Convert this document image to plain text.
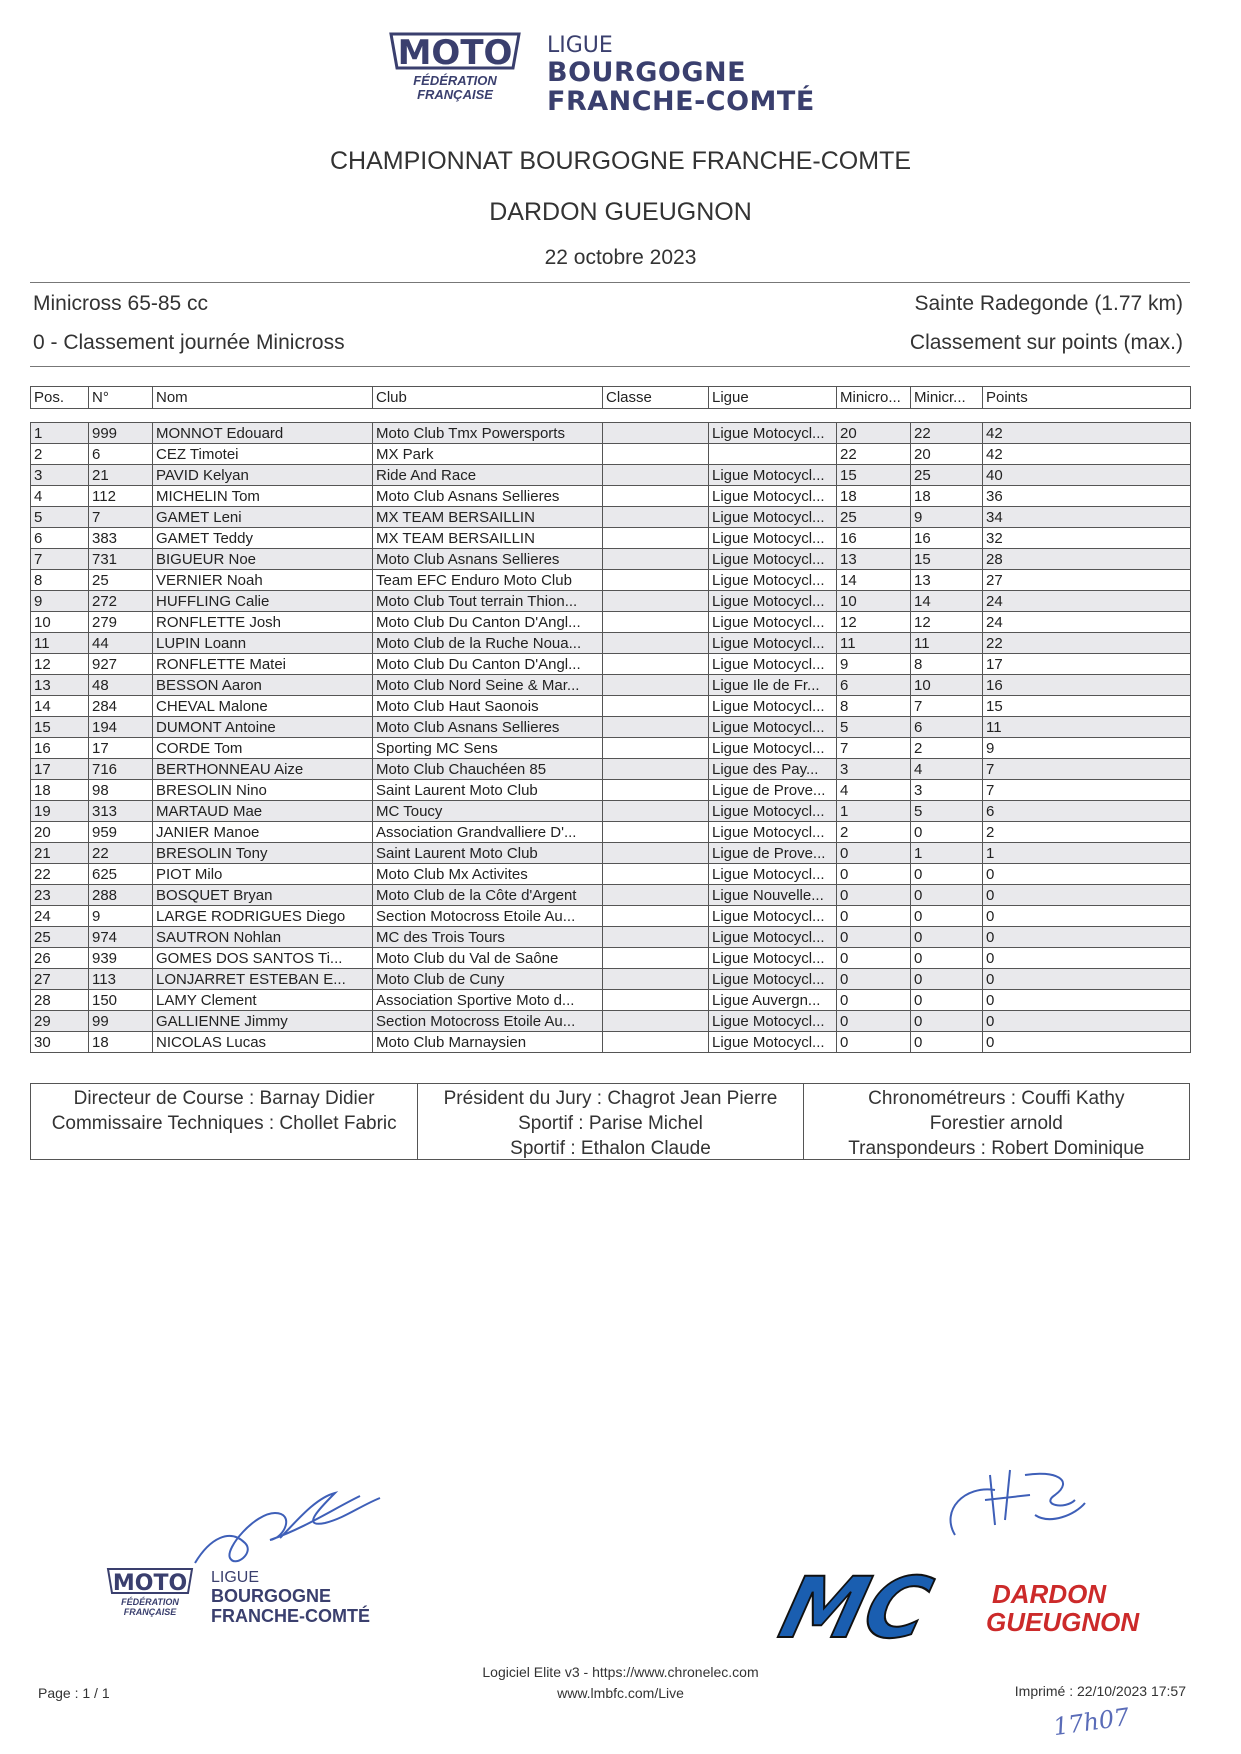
MOTO
FÉDÉRATION
FRANÇAISE
LIGUE
BOURGOGNE
FRANCHE-COMTÉ
CHAMPIONNAT BOURGOGNE FRANCHE-COMTE
DARDON GUEUGNON
22 octobre 2023
Minicross 65-85 cc
0 - Classement journée Minicross
Sainte Radegonde (1.77 km)
Classement sur points (max.)
Pos.	N°	Nom	Club	Classe	Ligue	Minicro...	Minicr...	Points

1	999	MONNOT Edouard	Moto Club Tmx Powersports		Ligue Motocycl...	20	22	42
2	6	CEZ Timotei	MX Park			22	20	42
3	21	PAVID Kelyan	Ride And Race		Ligue Motocycl...	15	25	40
4	112	MICHELIN Tom	Moto Club Asnans Sellieres		Ligue Motocycl...	18	18	36
5	7	GAMET Leni	MX TEAM BERSAILLIN		Ligue Motocycl...	25	9	34
6	383	GAMET Teddy	MX TEAM BERSAILLIN		Ligue Motocycl...	16	16	32
7	731	BIGUEUR Noe	Moto Club Asnans Sellieres		Ligue Motocycl...	13	15	28
8	25	VERNIER Noah	Team EFC Enduro Moto Club		Ligue Motocycl...	14	13	27
9	272	HUFFLING Calie	Moto Club Tout terrain Thion...		Ligue Motocycl...	10	14	24
10	279	RONFLETTE Josh	Moto Club Du Canton D'Angl...		Ligue Motocycl...	12	12	24
11	44	LUPIN Loann	Moto Club de la Ruche Noua...		Ligue Motocycl...	11	11	22
12	927	RONFLETTE Matei	Moto Club Du Canton D'Angl...		Ligue Motocycl...	9	8	17
13	48	BESSON Aaron	Moto Club Nord Seine & Mar...		Ligue Ile de Fr...	6	10	16
14	284	CHEVAL Malone	Moto Club Haut Saonois		Ligue Motocycl...	8	7	15
15	194	DUMONT Antoine	Moto Club Asnans Sellieres		Ligue Motocycl...	5	6	11
16	17	CORDE Tom	Sporting MC Sens		Ligue Motocycl...	7	2	9
17	716	BERTHONNEAU Aize	Moto Club Chauchéen 85		Ligue des Pay...	3	4	7
18	98	BRESOLIN Nino	Saint Laurent Moto Club		Ligue de Prove...	4	3	7
19	313	MARTAUD Mae	MC Toucy		Ligue Motocycl...	1	5	6
20	959	JANIER Manoe	Association Grandvalliere D'...		Ligue Motocycl...	2	0	2
21	22	BRESOLIN Tony	Saint Laurent Moto Club		Ligue de Prove...	0	1	1
22	625	PIOT Milo	Moto Club Mx Activites		Ligue Motocycl...	0	0	0
23	288	BOSQUET Bryan	Moto Club de la Côte d'Argent		Ligue Nouvelle...	0	0	0
24	9	LARGE RODRIGUES Diego	Section Motocross Etoile Au...		Ligue Motocycl...	0	0	0
25	974	SAUTRON Nohlan	MC des Trois Tours		Ligue Motocycl...	0	0	0
26	939	GOMES DOS SANTOS Ti...	Moto Club du Val de Saône		Ligue Motocycl...	0	0	0
27	113	LONJARRET ESTEBAN E...	Moto Club de Cuny		Ligue Motocycl...	0	0	0
28	150	LAMY Clement	Association Sportive Moto d...		Ligue Auvergn...	0	0	0
29	99	GALLIENNE Jimmy	Section Motocross Etoile Au...		Ligue Motocycl...	0	0	0
30	18	NICOLAS Lucas	Moto Club Marnaysien		Ligue Motocycl...	0	0	0
Directeur de Course : Barnay Didier
Commissaire Techniques : Chollet Fabric
Président du Jury : Chagrot Jean Pierre
Sportif : Parise Michel
Sportif : Ethalon Claude
Chronométreurs : Couffi Kathy
Forestier arnold
Transpondeurs : Robert Dominique
MOTO
FÉDÉRATION
FRANÇAISE
LIGUE
BOURGOGNE
FRANCHE-COMTÉ	MC DARDON
GUEUGNON
Page : 1 / 1
Logiciel Elite v3 - https://www.chronelec.com
www.lmbfc.com/Live	Imprimé : 22/10/2023 17:57
17h07
